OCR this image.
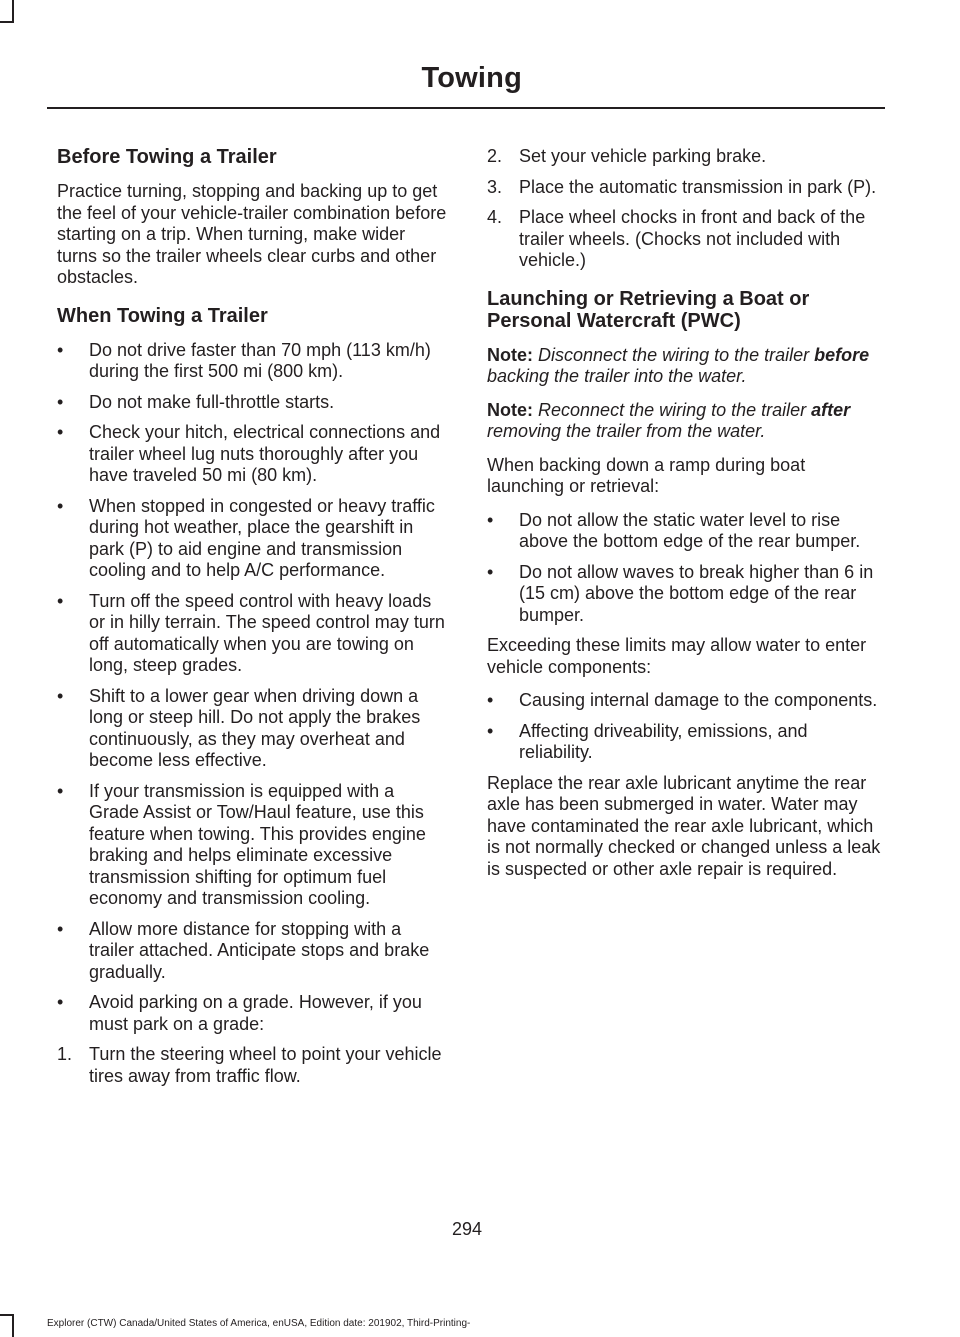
Towing
Before Towing a Trailer

Practice turning, stopping and backing up to get the feel of your vehicle-trailer combination before starting on a trip. When turning, make wider turns so the trailer wheels clear curbs and other obstacles.

When Towing a Trailer
• Do not drive faster than 70 mph (113 km/h) during the first 500 mi (800 km).
• Do not make full-throttle starts.
• Check your hitch, electrical connections and trailer wheel lug nuts thoroughly after you have traveled 50 mi (80 km).
• When stopped in congested or heavy traffic during hot weather, place the gearshift in park (P) to aid engine and transmission cooling and to help A/C performance.
• Turn off the speed control with heavy loads or in hilly terrain. The speed control may turn off automatically when you are towing on long, steep grades.
• Shift to a lower gear when driving down a long or steep hill. Do not apply the brakes continuously, as they may overheat and become less effective.
• If your transmission is equipped with a Grade Assist or Tow/Haul feature, use this feature when towing. This provides engine braking and helps eliminate excessive transmission shifting for optimum fuel economy and transmission cooling.
• Allow more distance for stopping with a trailer attached. Anticipate stops and brake gradually.
• Avoid parking on a grade. However, if you must park on a grade:
1. Turn the steering wheel to point your vehicle tires away from traffic flow.
2. Set your vehicle parking brake.
3. Place the automatic transmission in park (P).
4. Place wheel chocks in front and back of the trailer wheels. (Chocks not included with vehicle.)
Launching or Retrieving a Boat or Personal Watercraft (PWC)

Note: Disconnect the wiring to the trailer before backing the trailer into the water.

Note: Reconnect the wiring to the trailer after removing the trailer from the water.

When backing down a ramp during boat launching or retrieval:

• Do not allow the static water level to rise above the bottom edge of the rear bumper.
• Do not allow waves to break higher than 6 in (15 cm) above the bottom edge of the rear bumper.

Exceeding these limits may allow water to enter vehicle components:

• Causing internal damage to the components.
• Affecting driveability, emissions, and reliability.

Replace the rear axle lubricant anytime the rear axle has been submerged in water. Water may have contaminated the rear axle lubricant, which is not normally checked or changed unless a leak is suspected or other axle repair is required.

294
Explorer (CTW) Canada/United States of America, enUSA, Edition date: 201902, Third-Printing-
